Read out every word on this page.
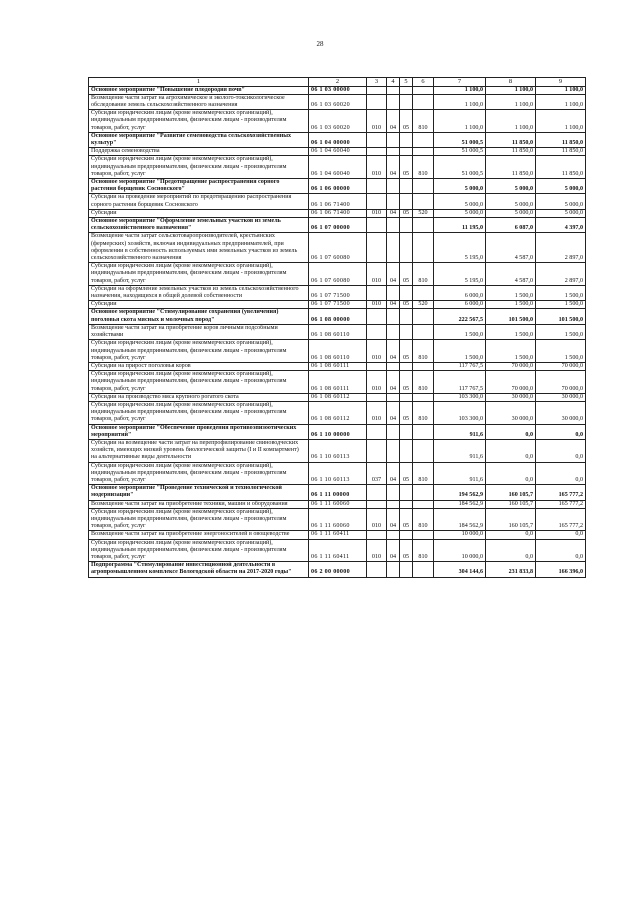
28
1	2	3	4	5	6	7	8	9
Основное мероприятие "Повышение плодородия почв"	06 1 03 00000					1 100,0	1 100,0	1 100,0
Возмещение части затрат на агрохимическое и эколого-токсикологическое обследование земель сельскохозяйственного назначения	06 1 03 60020					1 100,0	1 100,0	1 100,0
Субсидии юридическим лицам (кроме некоммерческих организаций), индивидуальным предпринимателям, физическим лицам - производителям товаров, работ, услуг	06 1 03 60020	010	04	05	810	1 100,0	1 100,0	1 100,0
Основное мероприятие "Развитие семеноводства сельскохозяйственных культур"	06 1 04 00000					51 000,5	11 850,0	11 850,0
Поддержка семеноводства	06 1 04 60040					51 000,5	11 850,0	11 850,0
Субсидии юридическим лицам (кроме некоммерческих организаций), индивидуальным предпринимателям, физическим лицам - производителям товаров, работ, услуг	06 1 04 60040	010	04	05	810	51 000,5	11 850,0	11 850,0
Основное мероприятие "Предотвращение распространения сорного растения борщевик Сосновского"	06 1 06 00000					5 000,0	5 000,0	5 000,0
Субсидии на проведение мероприятий по предотвращению распространения сорного растения борщевик Сосновского	06 1 06 71400					5 000,0	5 000,0	5 000,0
Субсидии	06 1 06 71400	010	04	05	520	5 000,0	5 000,0	5 000,0
Основное мероприятие "Оформление земельных участков из земель сельскохозяйственного назначения"	06 1 07 00000					11 195,0	6 087,0	4 397,0
Возмещение части затрат сельскотоваропроизводителей, крестьянских (фермерских) хозяйств, включая индивидуальных предпринимателей, при оформлении в собственность используемых ими земельных участков из земель сельскохозяйственного назначения	06 1 07 60080					5 195,0	4 587,0	2 897,0
Субсидии юридическим лицам (кроме некоммерческих организаций), индивидуальным предпринимателям, физическим лицам - производителям товаров, работ, услуг	06 1 07 60080	010	04	05	810	5 195,0	4 587,0	2 897,0
Субсидии на оформление земельных участков из земель сельскохозяйственного назначения, находящихся в общей долевой собственности	06 1 07 71500					6 000,0	1 500,0	1 500,0
Субсидии	06 1 07 71500	010	04	05	520	6 000,0	1 500,0	1 500,0
Основное мероприятие "Стимулирование сохранения (увеличения) поголовья скота мясных и молочных пород"	06 1 08 00000					222 567,5	101 500,0	101 500,0
Возмещение части затрат на приобретение коров личными подсобными хозяйствами	06 1 08 60110					1 500,0	1 500,0	1 500,0
Субсидии юридическим лицам (кроме некоммерческих организаций), индивидуальным предпринимателям, физическим лицам - производителям товаров, работ, услуг	06 1 08 60110	010	04	05	810	1 500,0	1 500,0	1 500,0
Субсидии на прирост поголовья коров	06 1 08 60111					117 767,5	70 000,0	70 000,0
Субсидии юридическим лицам (кроме некоммерческих организаций), индивидуальным предпринимателям, физическим лицам - производителям товаров, работ, услуг	06 1 08 60111	010	04	05	810	117 767,5	70 000,0	70 000,0
Субсидии на производство мяса крупного рогатого скота	06 1 08 60112					103 300,0	30 000,0	30 000,0
Субсидии юридическим лицам (кроме некоммерческих организаций), индивидуальным предпринимателям, физическим лицам - производителям товаров, работ, услуг	06 1 08 60112	010	04	05	810	103 300,0	30 000,0	30 000,0
Основное мероприятие "Обеспечение проведения противоэпизоотических мероприятий"	06 1 10 00000					911,6	0,0	0,0
Субсидии на возмещение части затрат на перепрофилирование свиноводческих хозяйств, имеющих низкий уровень биологической защиты (I и II компартмент) на альтернативные виды деятельности	06 1 10 60113					911,6	0,0	0,0
Субсидии юридическим лицам (кроме некоммерческих организаций), индивидуальным предпринимателям, физическим лицам - производителям товаров, работ, услуг	06 1 10 60113	037	04	05	810	911,6	0,0	0,0
Основное мероприятие "Проведение технической и технологической модернизации"	06 1 11 00000					194 562,9	160 105,7	165 777,2
Возмещение части затрат на приобретение техники, машин и оборудования	06 1 11 60060					184 562,9	160 105,7	165 777,2
Субсидии юридическим лицам (кроме некоммерческих организаций), индивидуальным предпринимателям, физическим лицам - производителям товаров, работ, услуг	06 1 11 60060	010	04	05	810	184 562,9	160 105,7	165 777,2
Возмещение части затрат на приобретение энергоносителей в овощеводстве	06 1 11 60411					10 000,0	0,0	0,0
Субсидии юридическим лицам (кроме некоммерческих организаций), индивидуальным предпринимателям, физическим лицам - производителям товаров, работ, услуг	06 1 11 60411	010	04	05	810	10 000,0	0,0	0,0
Подпрограмма "Стимулирование инвестиционной деятельности в агропромышленном комплексе Вологодской области на 2017-2020 годы"	06 2 00 00000					304 144,6	231 833,8	166 396,0
